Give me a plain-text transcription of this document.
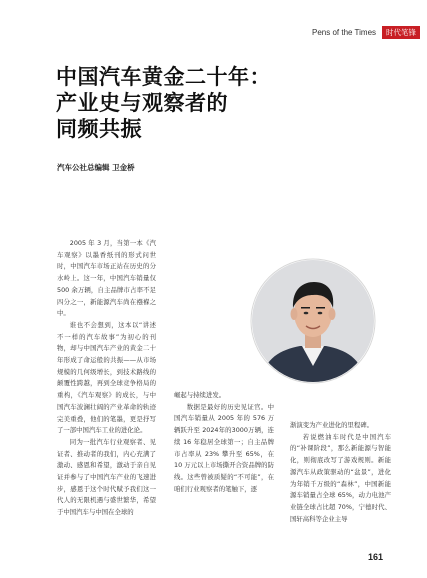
Pens of the Times	时代笔锋
中国汽车黄金二十年：
产业史与观察者的
同频共振
汽车公社总编辑 卫金桥

2005 年 3 月，当第一本《汽车观察》以墨香纸刊的形式问世时，中国汽车市场正站在历史的分水岭上。这一年，中国汽车销量仅 500 余万辆，自主品牌市占率不足四分之一，新能源汽车尚在襁褓之中。

谁也不会想到，这本以“讲述不一样的汽车故事”为初心的刊物，却与中国汽车产业的黄金二十年形成了命运般的共振——从市场规模的几何级增长，到技术路线的颠覆性跨越，再到全球竞争格局的重构，《汽车观察》的成长，与中国汽车波澜壮阔的产业革命的轨迹完美重叠，他们的笔墨，更是抒写了一部中国汽车工业的进化论。

同为一批汽车行业观察者、见证者、推动者的我们，内心充满了激动、感恩和希望，激动于亲自见证并参与了中国汽车产业的飞速进步，感恩于这个时代赋予我们这一代人的无限机遇与盛世繁华，希望于中国汽车与中国在全球的

崛起与持续进发。

数据是最好的历史见证官。中国汽车销量从 2005 年的 576 万辆跃升至 2024年的3000万辆，连续 16 年稳居全球第一；自主品牌市占率从 23% 攀升至 65%，在 10 万元以上市场撕开合资品牌的防线。这些曾被质疑的“不可能”，在咱们行业观察者的笔触下，逐

渐演变为产业进化的里程碑。

若说燃油车时代是中国汽车的“补课阶段”，那么新能源与智能化，则彻底改写了游戏规则。新能源汽车从政策驱动的“盆景”，进化为年销千万级的“森林”，中国新能源车销量占全球 65%，动力电池产业链全球占比超 70%，宁德时代、国轩高科等企业主导

161
